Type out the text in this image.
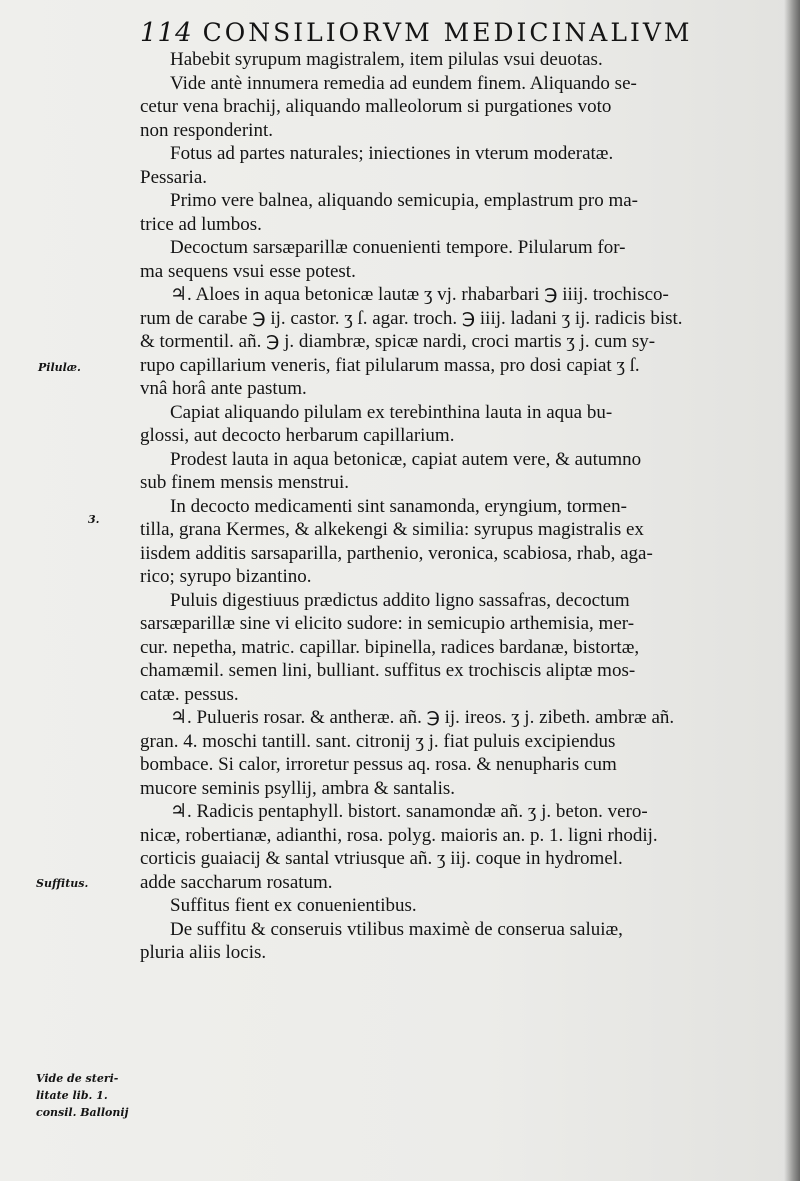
114 CONSILIORVM MEDICINALIVM
Pilulæ.
3.
Suffitus.
Vide de steri-
litate lib. 1.
consil. Ballonij
Habebit syrupum magistralem, item pilulas vsui deuotas.
Vide antè innumera remedia ad eundem finem. Aliquando se-
cetur vena brachij, aliquando malleolorum si purgationes voto
non responderint.
Fotus ad partes naturales; iniectiones in vterum moderatæ.
Pessaria.
Primo vere balnea, aliquando semicupia, emplastrum pro ma-
trice ad lumbos.
Decoctum sarsæparillæ conuenienti tempore. Pilularum for-
ma sequens vsui esse potest.
♃. Aloes in aqua betonicæ lautæ ʒ vj. rhabarbari ℈ iiij. trochisco-
rum de carabe ℈ ij. castor. ʒ ſ. agar. troch. ℈ iiij. ladani ʒ ij. radicis bist.
& tormentil. añ. ℈ j. diambræ, spicæ nardi, croci martis ʒ j. cum sy-
rupo capillarium veneris, fiat pilularum massa, pro dosi capiat ʒ ſ.
vnâ horâ ante pastum.
Capiat aliquando pilulam ex terebinthina lauta in aqua bu-
glossi, aut decocto herbarum capillarium.
Prodest lauta in aqua betonicæ, capiat autem vere, & autumno
sub finem mensis menstrui.
In decocto medicamenti sint sanamonda, eryngium, tormen-
tilla, grana Kermes, & alkekengi & similia: syrupus magistralis ex
iisdem additis sarsaparilla, parthenio, veronica, scabiosa, rhab, aga-
rico; syrupo bizantino.
Puluis digestiuus prædictus addito ligno sassafras, decoctum
sarsæparillæ sine vi elicito sudore: in semicupio arthemisia, mer-
cur. nepetha, matric. capillar. bipinella, radices bardanæ, bistortæ,
chamæmil. semen lini, bulliant. suffitus ex trochiscis aliptæ mos-
catæ. pessus.
♃. Pulueris rosar. & antheræ. añ. ℈ ij. ireos. ʒ j. zibeth. ambræ añ.
gran. 4. moschi tantill. sant. citronij ʒ j. fiat puluis excipiendus
bombace. Si calor, irroretur pessus aq. rosa. & nenupharis cum
mucore seminis psyllij, ambra & santalis.
♃. Radicis pentaphyll. bistort. sanamondæ añ. ʒ j. beton. vero-
nicæ, robertianæ, adianthi, rosa. polyg. maioris an. p. 1. ligni rhodij.
corticis guaiacij & santal vtriusque añ. ʒ iij. coque in hydromel.
adde saccharum rosatum.
Suffitus fient ex conuenientibus.
De suffitu & conseruis vtilibus maximè de conserua saluiæ,
pluria aliis locis.
